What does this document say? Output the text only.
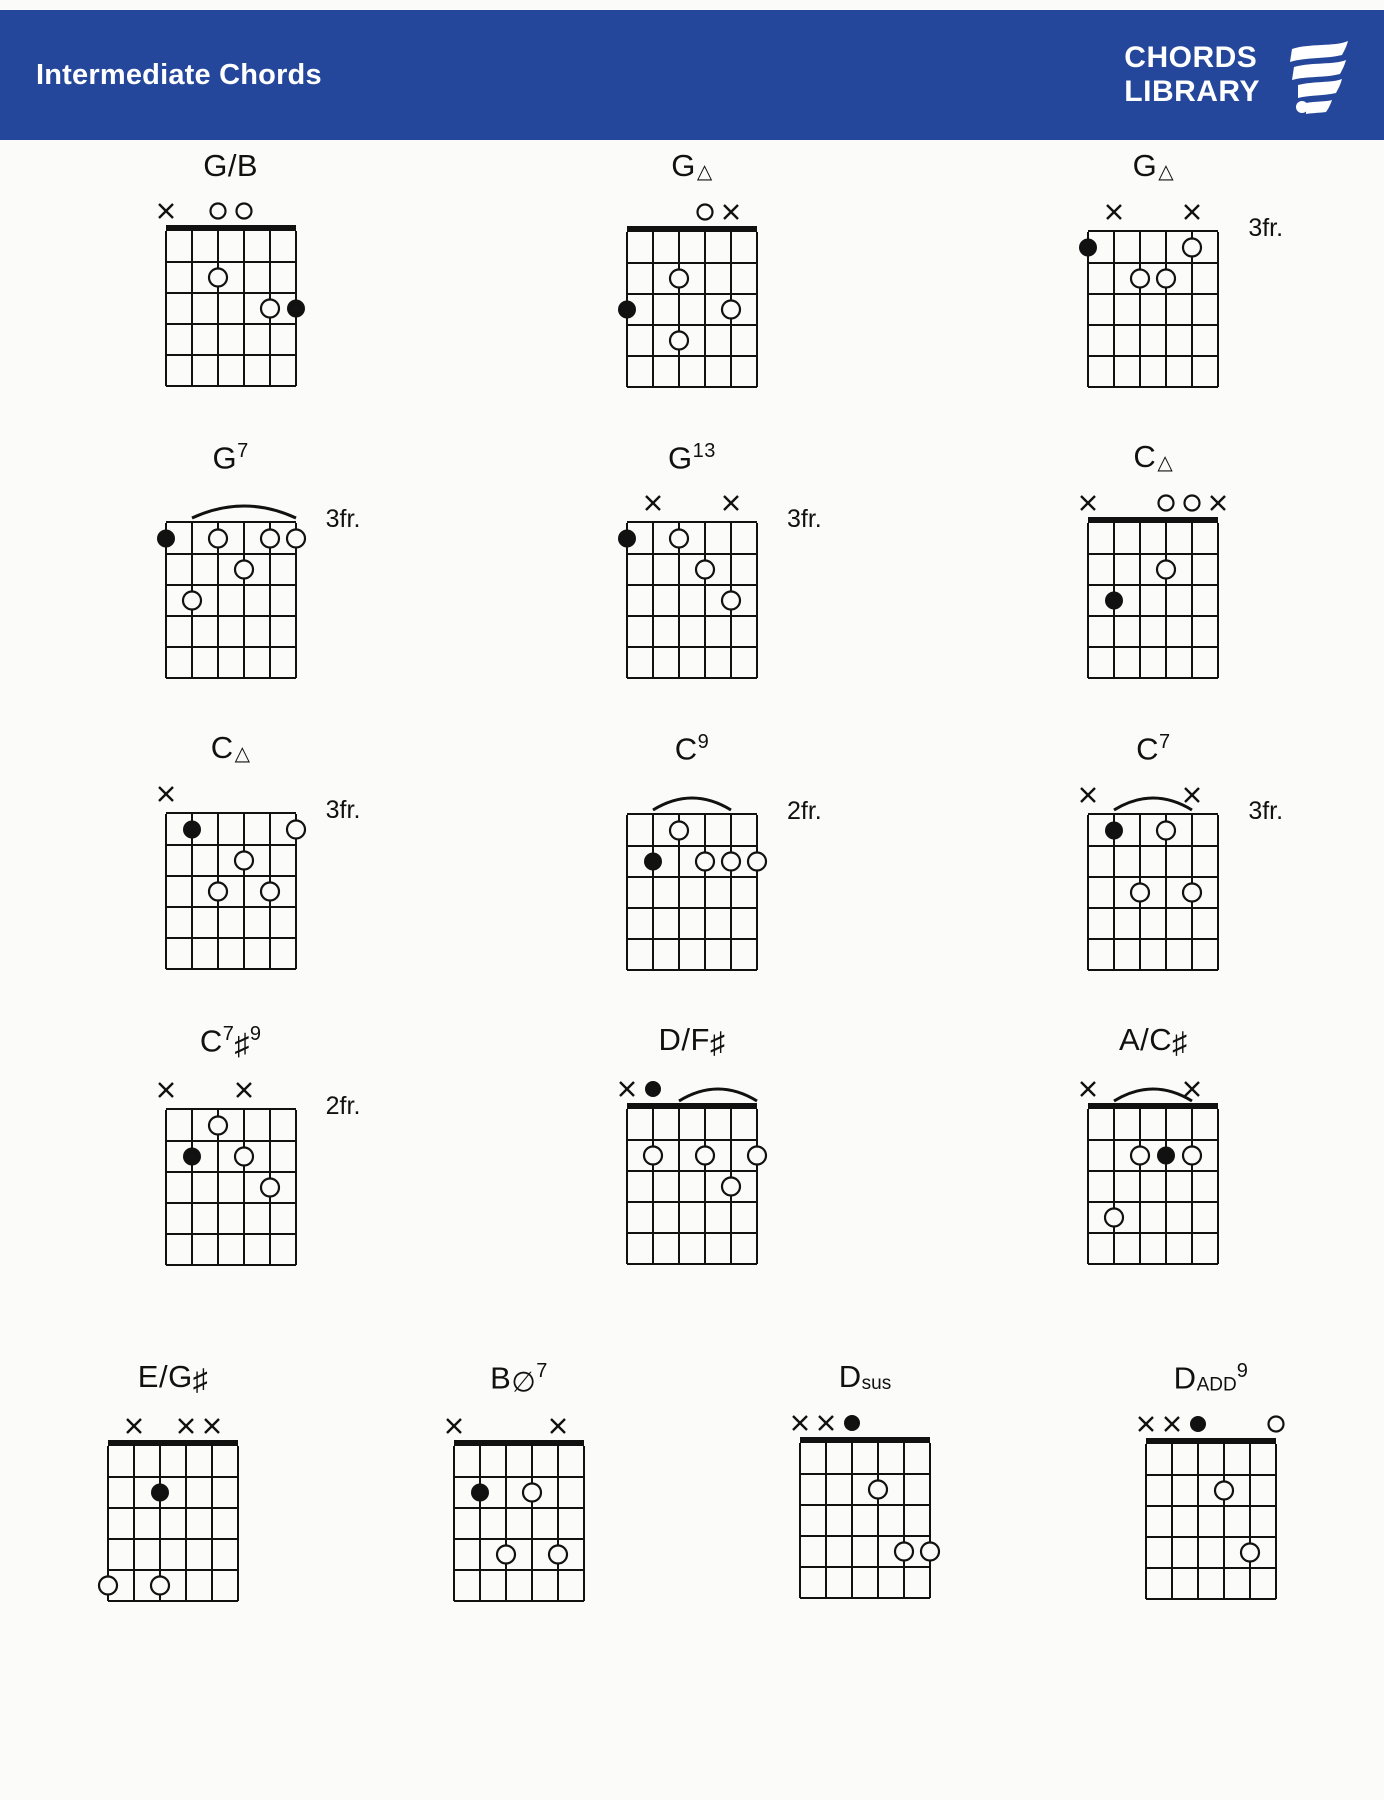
Intermediate Chords
CHORDS
LIBRARY
G/B	G△	G△
3fr.
$G^7$
3fr.
$G^{13}$
3fr.
C△
C△
3fr.
$C^9$
2fr.
$C^7$
3fr.
$C^7♯^9$
2fr.
D/F♯	A/C♯
E/G♯	B∅$^7$	Dsus	DADD$^9$
